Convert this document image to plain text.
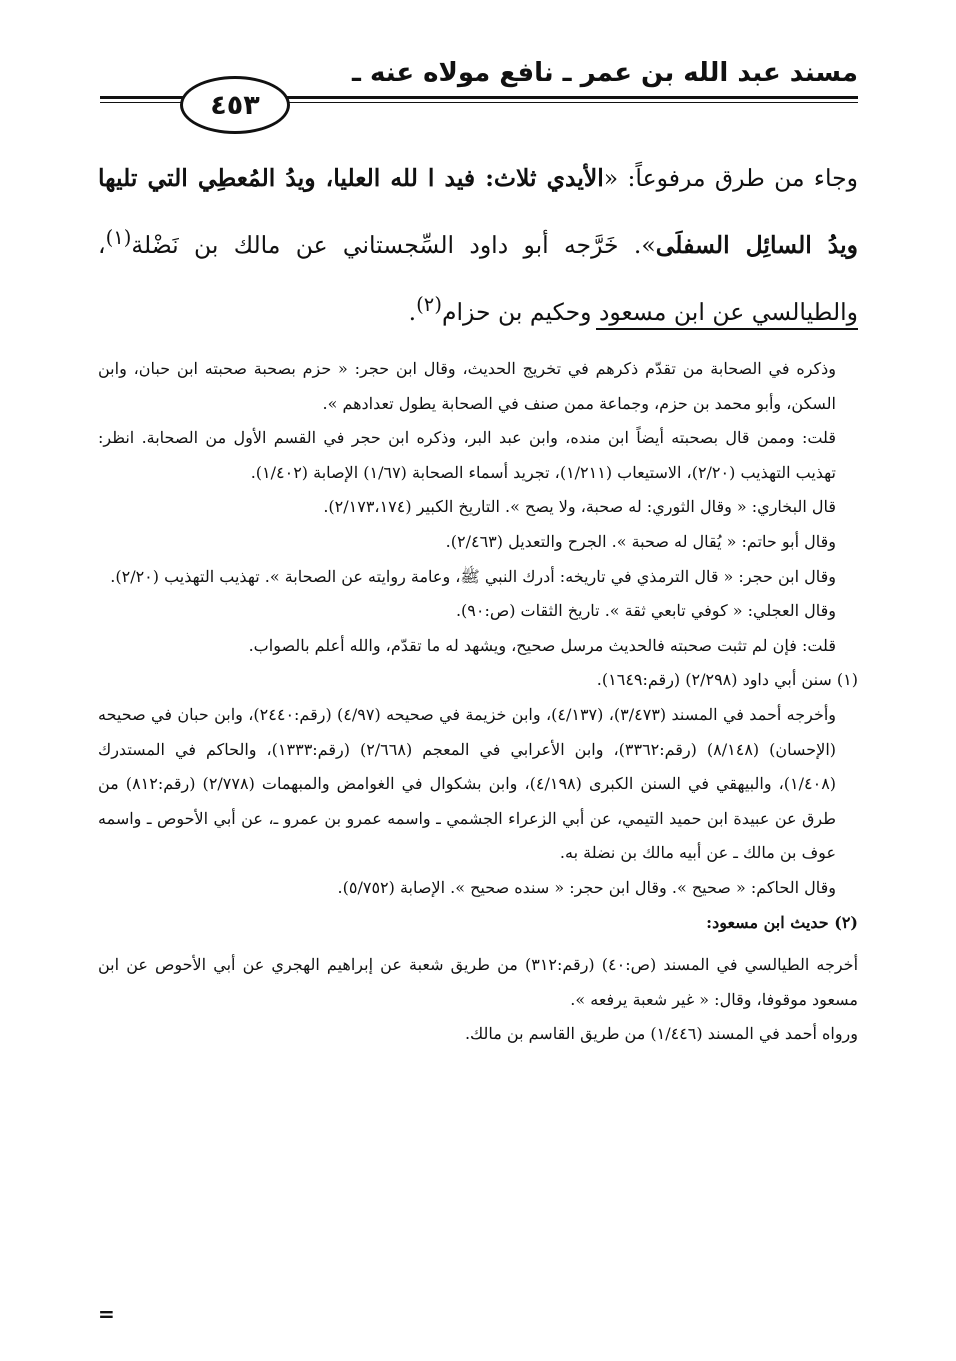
مسند عبد الله بن عمر ـ نافع مولاه عنه ـ
٤٥٣
وجاء من طرق مرفوعاً: «الأيدي ثلاث: فيد ا لله العليا، ويدُ المُعطِي التي تليها ويدُ السائِل السفلَى». خَرَّجه أبو داود السِّجستاني عن مالك بن نَضْلة$^{(١)}$، والطيالسي عن ابن مسعود وحكيم بن حزام$^{(٢)}$.

وذكره في الصحابة من تقدّم ذكرهم في تخريج الحديث، وقال ابن حجر: « حزم بصحبة صحبته ابن حبان، وابن السكن، وأبو محمد بن حزم، وجماعة ممن صنف في الصحابة يطول تعدادهم ».

قلت: وممن قال بصحبته أيضاً ابن منده، وابن عبد البر، وذكره ابن حجر في القسم الأول من الصحابة. انظر: تهذيب التهذيب (٢/٢٠)، الاستيعاب (١/٢١١)، تجريد أسماء الصحابة (١/٦٧) الإصابة (١/٤٠٢).

قال البخاري: « وقال الثوري: له صحبة، ولا يصح ». التاريخ الكبير (٢/١٧٣،١٧٤).

وقال أبو حاتم: « يُقال له صحبة ». الجرح والتعديل (٢/٤٦٣).

وقال ابن حجر: « قال الترمذي في تاريخه: أدرك النبي ﷺ، وعامة روايته عن الصحابة ». تهذيب التهذيب (٢/٢٠).

وقال العجلي: « كوفي تابعي ثقة ». تاريخ الثقات (ص:٩٠).

قلت: فإن لم تثبت صحبته فالحديث مرسل صحيح، ويشهد له ما تقدّم، والله أعلم بالصواب.

(١) سنن أبي داود (٢/٢٩٨) (رقم:١٦٤٩).

وأخرجه أحمد في المسند (٣/٤٧٣)، (٤/١٣٧)، وابن خزيمة في صحيحه (٤/٩٧) (رقم:٢٤٤٠)، وابن حبان في صحيحه (الإحسان) (٨/١٤٨) (رقم:٣٣٦٢)، وابن الأعرابي في المعجم (٢/٦٦٨) (رقم:١٣٣٣)، والحاكم في المستدرك (١/٤٠٨)، والبيهقي في السنن الكبرى (٤/١٩٨)، وابن بشكوال في الغوامض والمبهمات (٢/٧٧٨) (رقم:٨١٢) من طرق عن عبيدة ابن حميد التيمي، عن أبي الزعراء الجشمي ـ واسمه عمرو بن عمرو ـ، عن أبي الأحوص ـ واسمه عوف بن مالك ـ عن أبيه مالك بن نضلة به.

وقال الحاكم: « صحيح ». وقال ابن حجر: « سنده صحيح ». الإصابة (٥/٧٥٢).

(٢) حديث ابن مسعود:

أخرجه الطيالسي في المسند (ص:٤٠) (رقم:٣١٢) من طريق شعبة عن إبراهيم الهجري عن أبي الأحوص عن ابن مسعود موقوفا، وقال: « غير شعبة يرفعه ».

ورواه أحمد في المسند (١/٤٤٦) من طريق القاسم بن مالك.

=
